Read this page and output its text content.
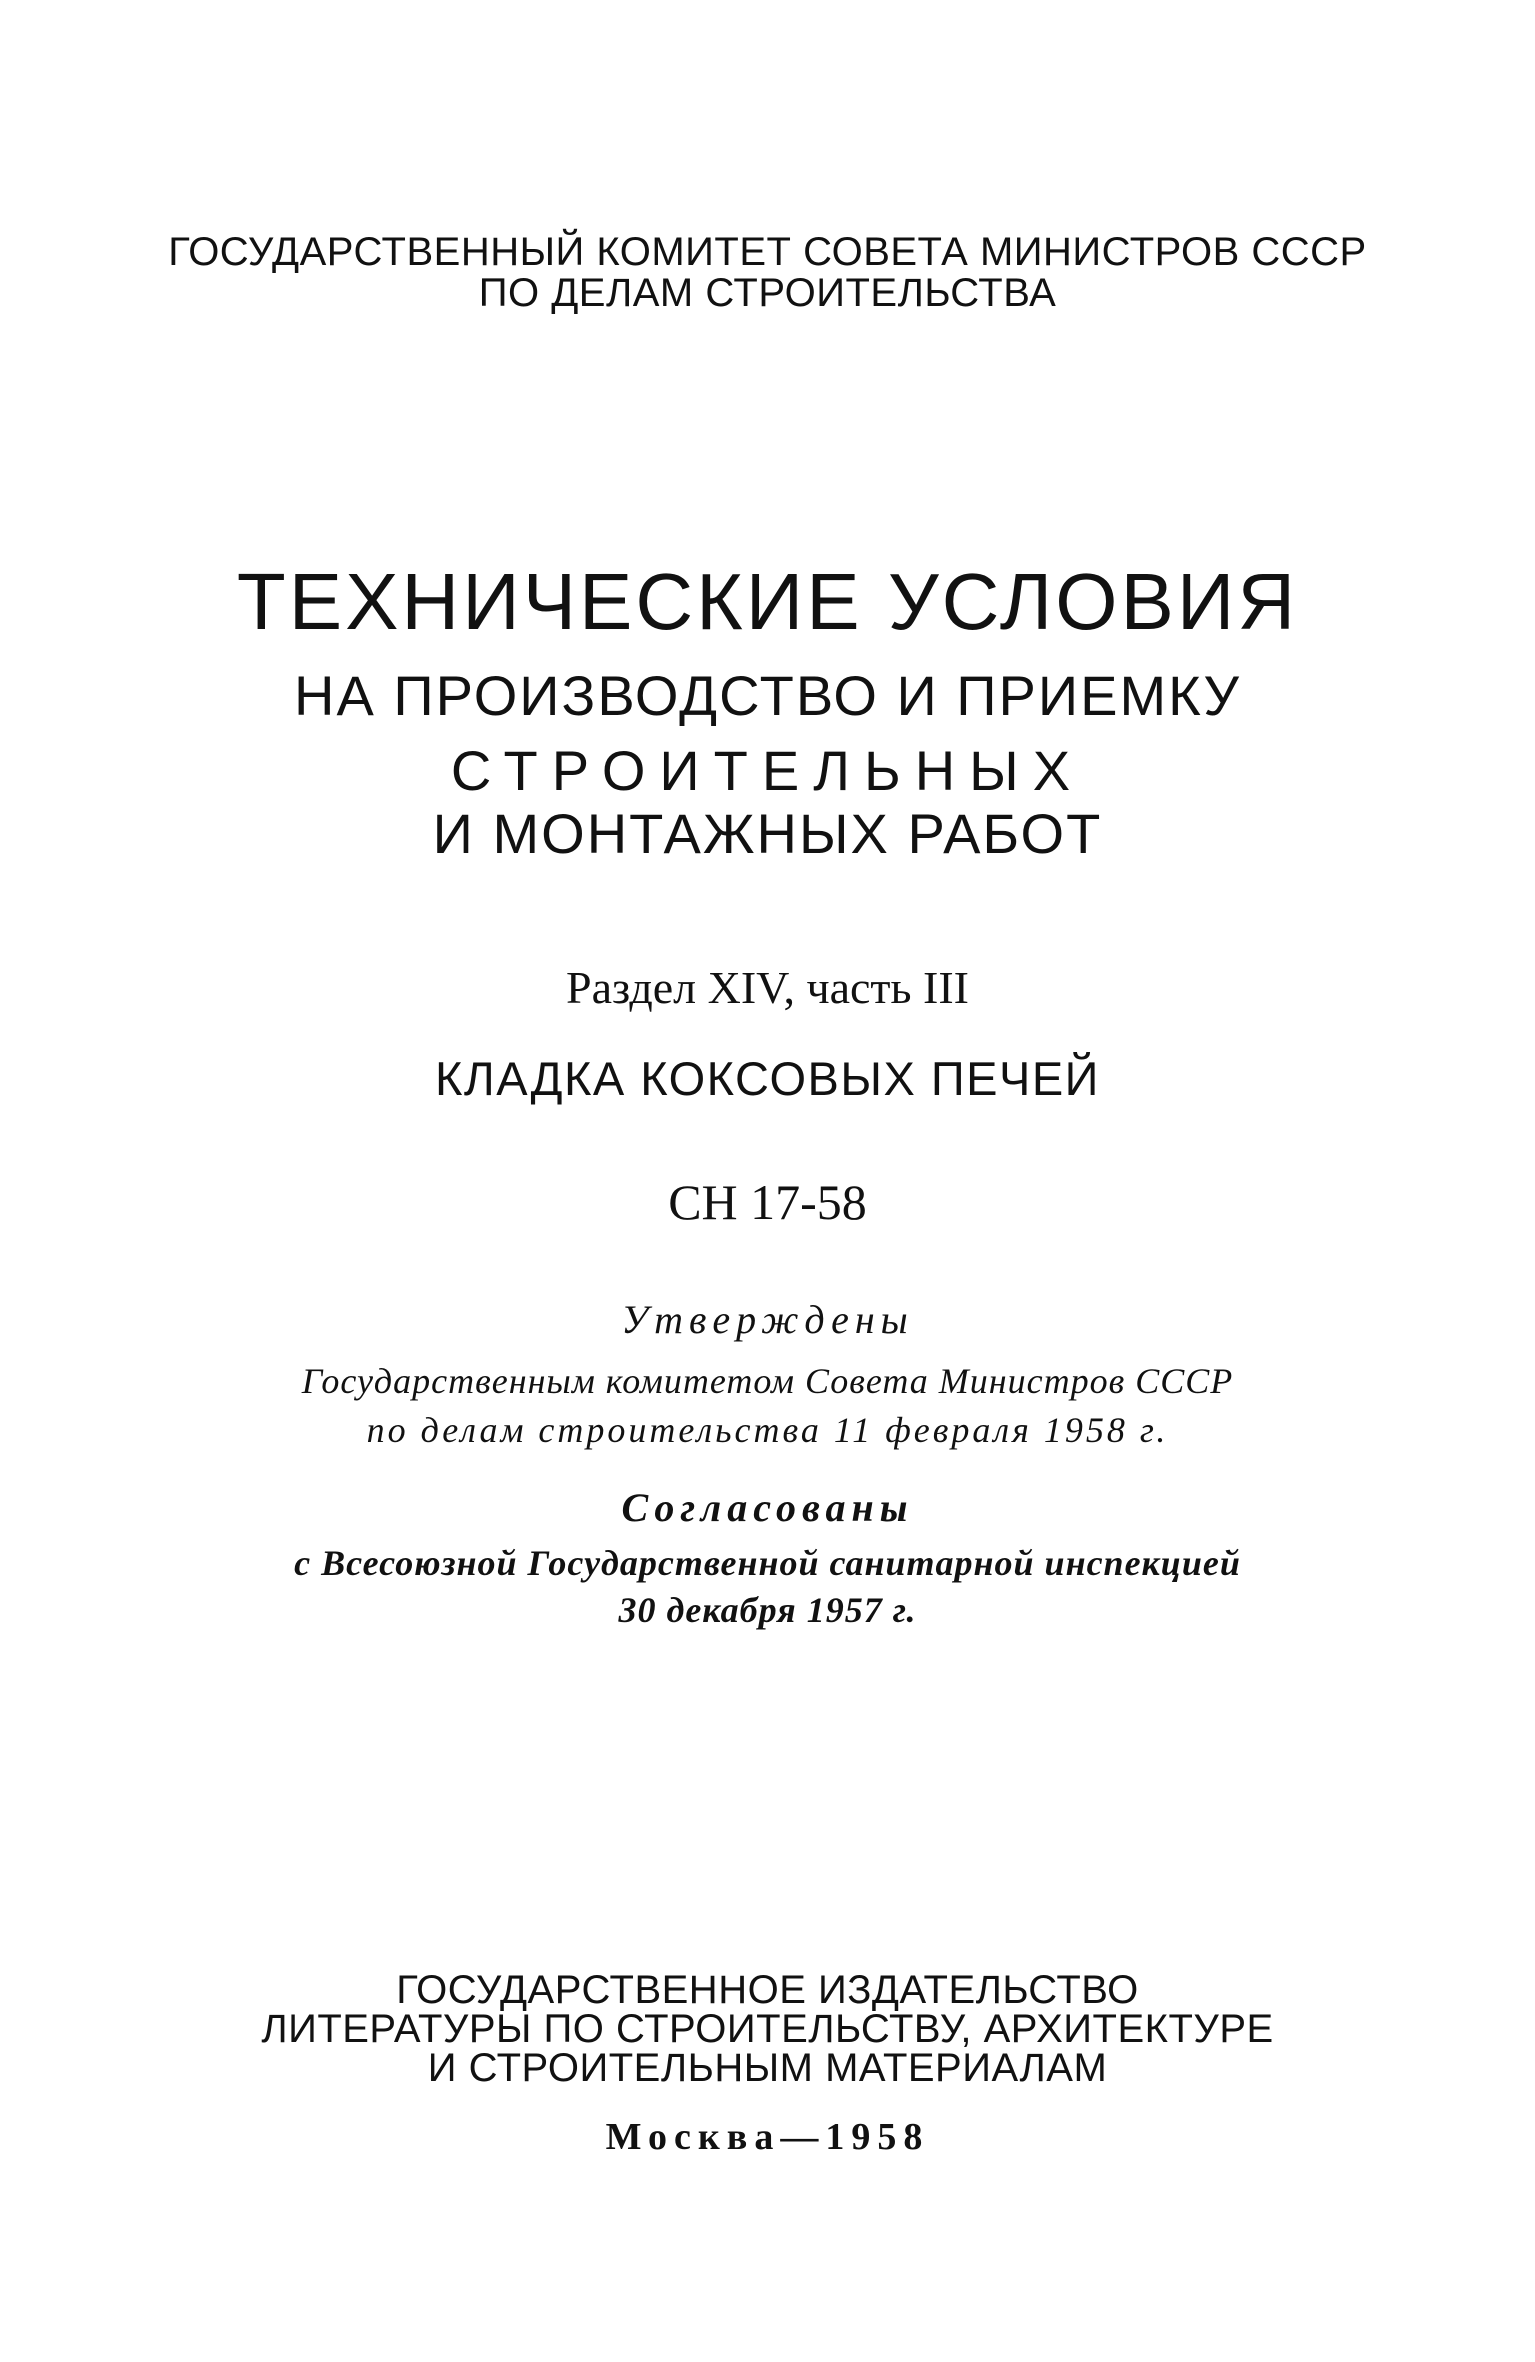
ГОСУДАРСТВЕННЫЙ КОМИТЕТ СОВЕТА МИНИСТРОВ СССР
ПО ДЕЛАМ СТРОИТЕЛЬСТВА
ТЕХНИЧЕСКИЕ УСЛОВИЯ
НА ПРОИЗВОДСТВО И ПРИЕМКУ
СТРОИТЕЛЬНЫХ
И МОНТАЖНЫХ РАБОТ
Раздел XIV, часть III
КЛАДКА КОКСОВЫХ ПЕЧЕЙ
СН 17-58
Утверждены
Государственным комитетом Совета Министров СССР
по делам строительства 11 февраля 1958 г.
Согласованы
с Всесоюзной Государственной санитарной инспекцией
30 декабря 1957 г.
ГОСУДАРСТВЕННОЕ ИЗДАТЕЛЬСТВО
ЛИТЕРАТУРЫ ПО СТРОИТЕЛЬСТВУ, АРХИТЕКТУРЕ
И СТРОИТЕЛЬНЫМ МАТЕРИАЛАМ
Москва—1958
